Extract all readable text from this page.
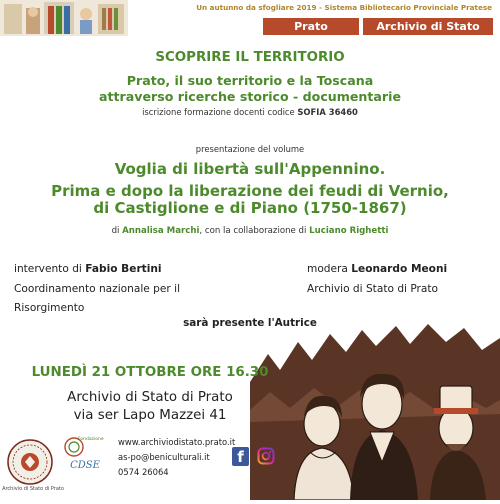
Un autunno da sfogliare 2019 - Sistema Bibliotecario Provinciale Pratese
Prato	Archivio di Stato
SCOPRIRE IL TERRITORIO
Prato, il suo territorio e la Toscana
attraverso ricerche storico - documentarie
iscrizione formazione docenti codice SOFIA 36460
presentazione del volume
Voglia di libertà sull'Appennino.
Prima e dopo la liberazione dei feudi di Vernio,
di Castiglione e di Piano (1750-1867)
di Annalisa Marchi, con la collaborazione di Luciano Righetti
intervento di Fabio Bertini
Coordinamento nazionale per il
Risorgimento
modera Leonardo Meoni
Archivio di Stato di Prato
sarà presente l'Autrice
LUNEDÌ 21 OTTOBRE ORE 16.30
Archivio di Stato di Prato
via ser Lapo Mazzei 41
Archivio di Stato di Prato
Fondazione
CDSE
www.archiviodistato.prato.it
as-po@beniculturali.it
0574 26064
f
